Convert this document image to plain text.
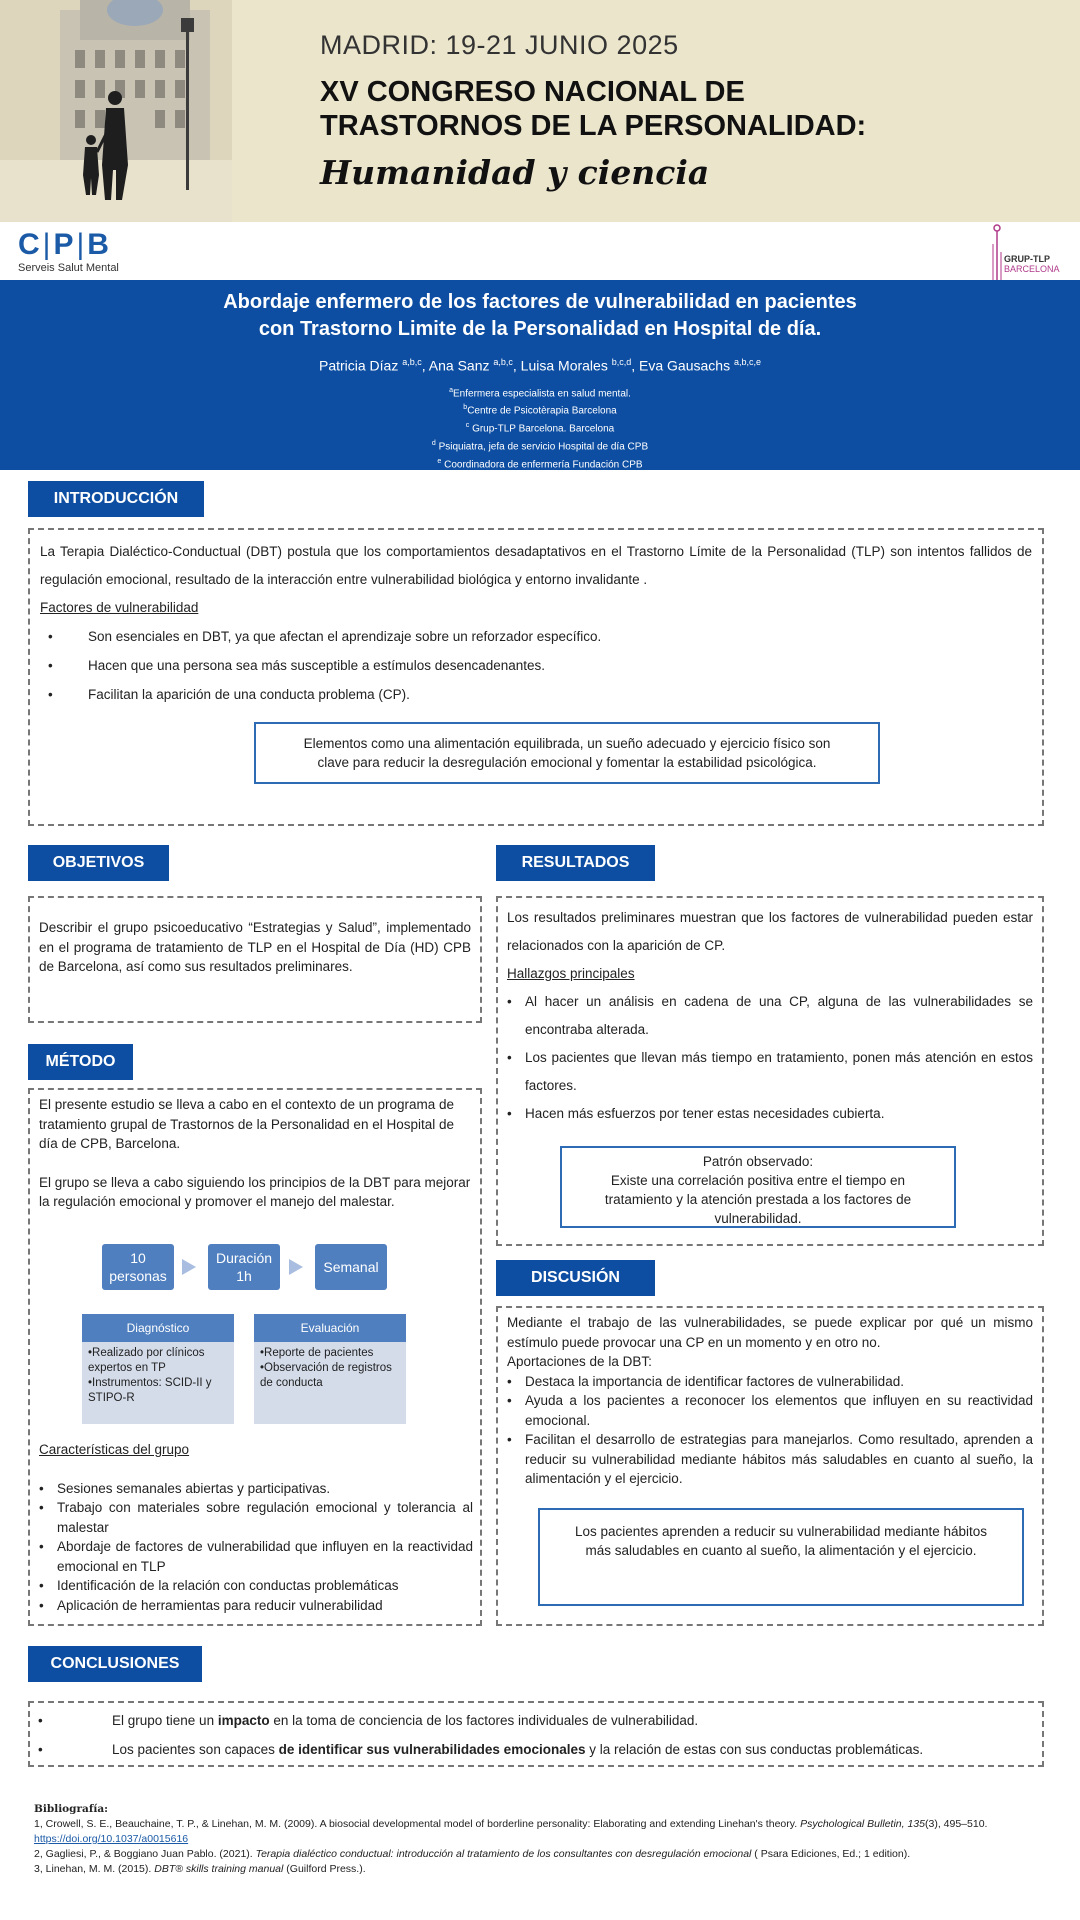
MADRID: 19-21 JUNIO 2025
XV CONGRESO NACIONAL DE
TRASTORNOS DE LA PERSONALIDAD:
Humanidad y ciencia
C|P|B
Serveis Salut Mental
GRUP-TLP
BARCELONA
Abordaje enfermero de los factores de vulnerabilidad en pacientes
con Trastorno Limite de la Personalidad en Hospital de día.
Patricia Díaz $^{a,b,c}$, Ana Sanz $^{a,b,c}$, Luisa Morales $^{b,c,d}$, Eva Gausachs $^{a,b,c,e}$
$^a$Enfermera especialista en salud mental.
$^b$Centre de Psicotèrapia Barcelona
$^c$ Grup-TLP Barcelona. Barcelona
$^d$ Psiquiatra, jefa de servicio Hospital de día CPB
$^e$ Coordinadora de enfermería Fundación CPB
INTRODUCCIÓN
La Terapia Dialéctico-Conductual (DBT) postula que los comportamientos desadaptativos en el Trastorno Límite de la Personalidad (TLP) son intentos fallidos de regulación emocional, resultado de la interacción entre vulnerabilidad biológica y entorno invalidante .
Factores de vulnerabilidad
•	Son esenciales en DBT, ya que afectan el aprendizaje sobre un reforzador específico.
•	Hacen que una persona sea más susceptible a estímulos desencadenantes.
•	Facilitan la aparición de una conducta problema (CP).
Elementos como una alimentación equilibrada, un sueño adecuado y ejercicio físico son clave para reducir la desregulación emocional y fomentar la estabilidad psicológica.
OBJETIVOS
Describir el grupo psicoeducativo “Estrategias y Salud”, implementado en el programa de tratamiento de TLP en el Hospital de Día (HD) CPB de Barcelona, así como sus resultados preliminares.
MÉTODO
El presente estudio se lleva a cabo en el contexto de un programa de tratamiento grupal de Trastornos de la Personalidad en el Hospital de día de CPB, Barcelona.
El grupo se lleva a cabo siguiendo los principios de la DBT para mejorar la regulación emocional y promover el manejo del malestar.
10
personas
Duración
1h
Semanal
Diagnóstico
•Realizado por clínicos expertos en TP
•Instrumentos: SCID-II y STIPO-R
Evaluación
•Reporte de pacientes
•Observación de registros de conducta
Características del grupo
• Sesiones semanales abiertas y participativas.
• Trabajo con materiales sobre regulación emocional y tolerancia al malestar
• Abordaje de factores de vulnerabilidad que influyen en la reactividad emocional en TLP
• Identificación de la relación con conductas problemáticas
• Aplicación de herramientas para reducir vulnerabilidad
RESULTADOS
Los resultados preliminares muestran que los factores de vulnerabilidad pueden estar relacionados con la aparición de CP.
Hallazgos principales
• Al hacer un análisis en cadena de una CP, alguna de las vulnerabilidades se encontraba alterada.
• Los pacientes que llevan más tiempo en tratamiento, ponen más atención en estos factores.
• Hacen más esfuerzos por tener estas necesidades cubierta.
Patrón observado:
Existe una correlación positiva entre el tiempo en tratamiento y la atención prestada a los factores de vulnerabilidad.
DISCUSIÓN
Mediante el trabajo de las vulnerabilidades, se puede explicar por qué un mismo estímulo puede provocar una CP en un momento y en otro no.
Aportaciones de la DBT:
• Destaca la importancia de identificar factores de vulnerabilidad.
• Ayuda a los pacientes a reconocer los elementos que influyen en su reactividad emocional.
• Facilitan el desarrollo de estrategias para manejarlos. Como resultado, aprenden a reducir su vulnerabilidad mediante hábitos más saludables en cuanto al sueño, la alimentación y el ejercicio.
Los pacientes aprenden a reducir su vulnerabilidad mediante hábitos más saludables en cuanto al sueño, la alimentación y el ejercicio.
CONCLUSIONES
•	El grupo tiene un impacto en la toma de conciencia de los factores individuales de vulnerabilidad.
•	Los pacientes son capaces de identificar sus vulnerabilidades emocionales y la relación de estas con sus conductas problemáticas.
Bibliografía:
1, Crowell, S. E., Beauchaine, T. P., & Linehan, M. M. (2009). A biosocial developmental model of borderline personality: Elaborating and extending Linehan's theory. Psychological Bulletin, 135(3), 495–510. https://doi.org/10.1037/a0015616
2, Gagliesi, P., & Boggiano Juan Pablo. (2021). Terapia dialéctico conductual: introducción al tratamiento de los consultantes con desregulación emocional ( Psara Ediciones, Ed.; 1 edition).
3, Linehan, M. M. (2015). DBT® skills training manual (Guilford Press.).
